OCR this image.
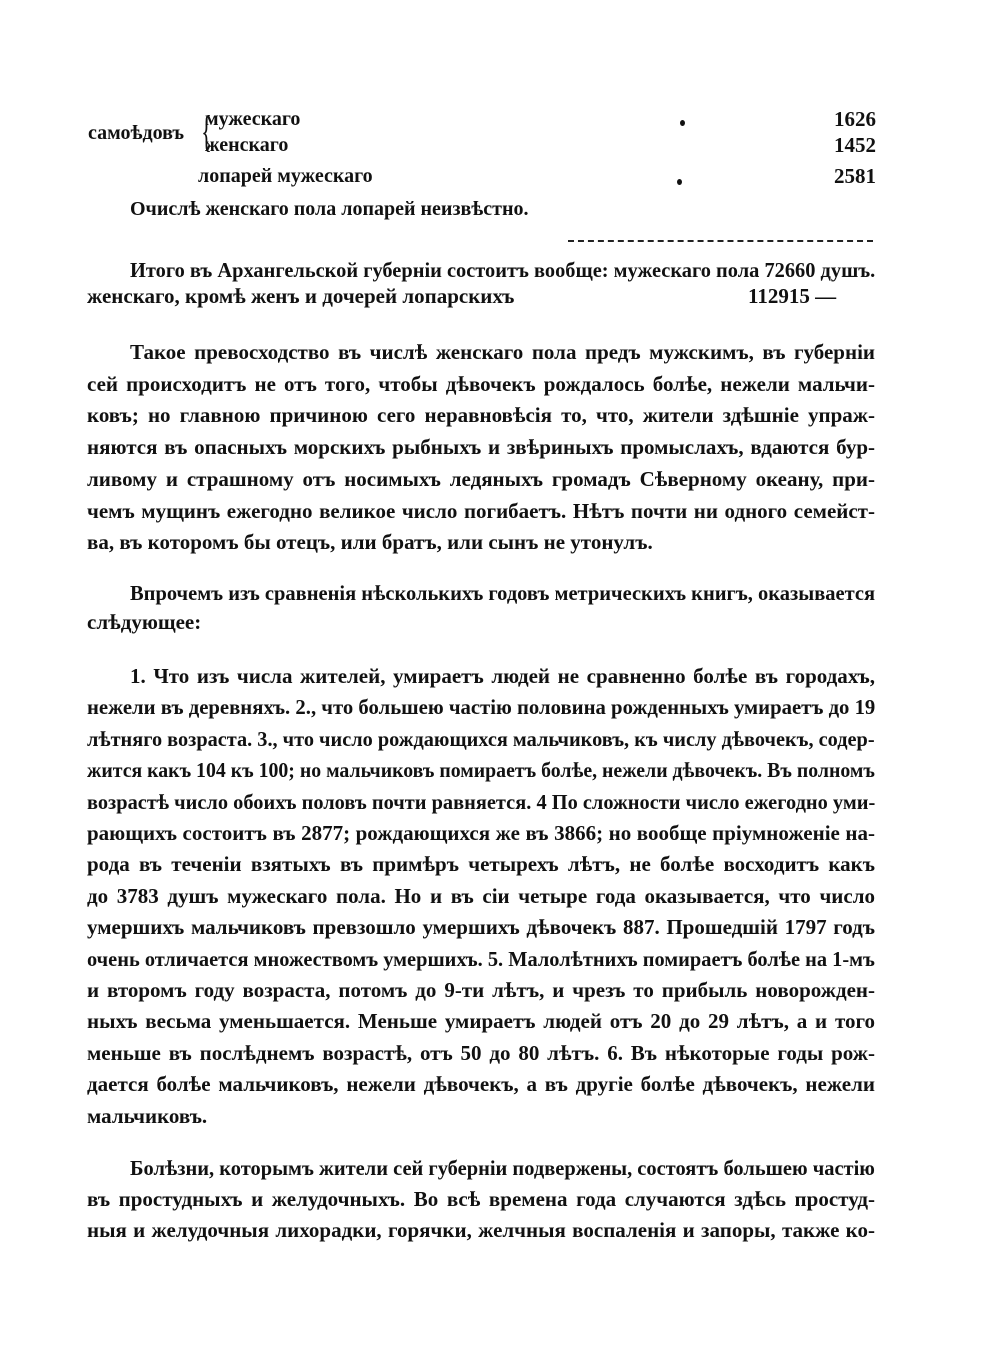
самоѣдовъ {
мужескаго	1626
женскаго	1452
лопарей мужескаго	2581
Очислѣ женскаго пола лопарей неизвѣстно.
Итого въ Архангельской губерніи состоитъ вообще: мужескаго пола 72660 душъ.
женскаго, кромѣ женъ и дочерей лопарскихъ	112915 —
Такое превосходство въ числѣ женскаго пола предъ мужскимъ, въ губерніи
сей происходитъ не отъ того, чтобы дѣвочекъ рождалось болѣе, нежели мальчи-
ковъ; но главною причиною сего неравновѣсія то, что, жители здѣшніе упраж-
няются въ опасныхъ морскихъ рыбныхъ и звѣриныхъ промыслахъ, вдаются бур-
ливому и страшному отъ носимыхъ ледяныхъ громадъ Сѣверному океану, при-
чемъ мущинъ ежегодно великое число погибаетъ. Нѣтъ почти ни одного семейст-
ва, въ которомъ бы отецъ, или братъ, или сынъ не утонулъ.
Впрочемъ изъ сравненія нѣсколькихъ годовъ метрическихъ книгъ, оказывается
слѣдующее:
1. Что изъ числа жителей, умираетъ людей не сравненно болѣе въ городахъ,
нежели въ деревняхъ. 2., что большею частію половина рожденныхъ умираетъ до 19
лѣтняго возраста. 3., что число рождающихся мальчиковъ, къ числу дѣвочекъ, содер-
жится какъ 104 къ 100; но мальчиковъ помираетъ болѣе, нежели дѣвочекъ. Въ полномъ
возрастѣ число обоихъ половъ почти равняется. 4 По сложности число ежегодно уми-
рающихъ состоитъ въ 2877; рождающихся же въ 3866; но вообще пріумноженіе на-
рода въ теченіи взятыхъ въ примѣръ четырехъ лѣтъ, не болѣе восходитъ какъ
до 3783 душъ мужескаго пола. Но и въ сіи четыре года оказывается, что число
умершихъ мальчиковъ превзошло умершихъ дѣвочекъ 887. Прошедшій 1797 годъ
очень отличается множествомъ умершихъ. 5. Малолѣтнихъ помираетъ болѣе на 1-мъ
и второмъ году возраста, потомъ до 9-ти лѣтъ, и чрезъ то прибыль новорожден-
ныхъ весьма уменьшается. Меньше умираетъ людей отъ 20 до 29 лѣтъ, а и того
меньше въ послѣднемъ возрастѣ, отъ 50 до 80 лѣтъ. 6. Въ нѣкоторые годы рож-
дается болѣе мальчиковъ, нежели дѣвочекъ, а въ другіе болѣе дѣвочекъ, нежели
мальчиковъ.
Болѣзни, которымъ жители сей губерніи подвержены, состоятъ большею частію
въ простудныхъ и желудочныхъ. Во всѣ времена года случаются здѣсь простуд-
ныя и желудочныя лихорадки, горячки, желчныя воспаленія и запоры, также ко-
